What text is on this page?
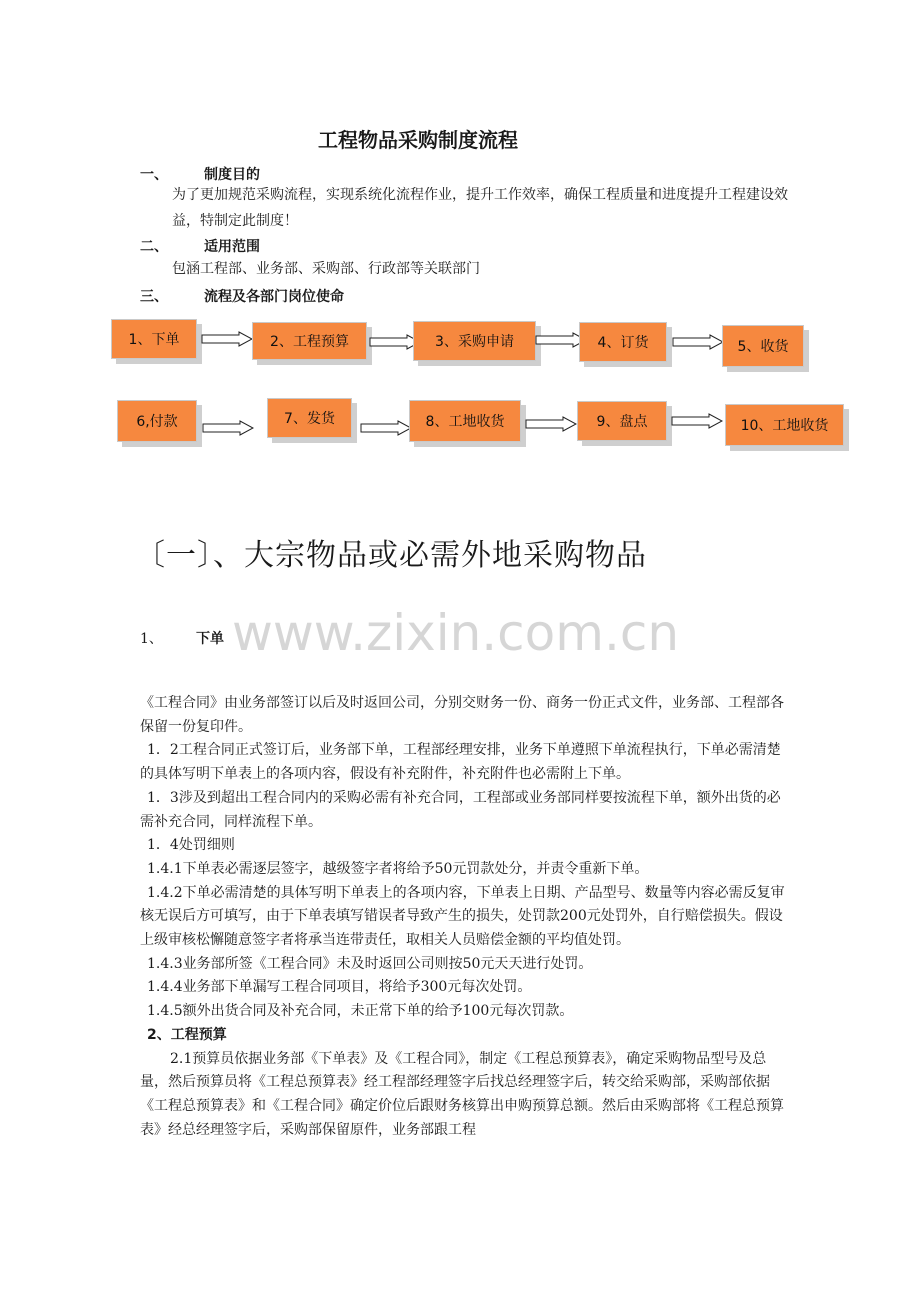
工程物品采购制度流程
一、	制度目的
为了更加规范采购流程，实现系统化流程作业，提升工作效率，确保工程质量和进度提升工程建设效益，特制定此制度！
二、	适用范围
包涵工程部、业务部、采购部、行政部等关联部门
三、	流程及各部门岗位使命
1、下单	2、工程预算	3、采购申请	4、订货	5、收货
6,付款	7、发货	8、工地收货	9、盘点	10、工地收货
〔一〕、大宗物品或必需外地采购物品
www.zixin.com.cn
1、 下单

《工程合同》由业务部签订以后及时返回公司，分别交财务一份、商务一份正式文件，业务部、工程部各保留一份复印件。

1．2工程合同正式签订后，业务部下单，工程部经理安排，业务下单遵照下单流程执行，下单必需清楚的具体写明下单表上的各项内容，假设有补充附件，补充附件也必需附上下单。

1．3涉及到超出工程合同内的采购必需有补充合同，工程部或业务部同样要按流程下单，额外出货的必需补充合同，同样流程下单。

1．4处罚细则

1.4.1下单表必需逐层签字，越级签字者将给予50元罚款处分，并责令重新下单。

1.4.2下单必需清楚的具体写明下单表上的各项内容，下单表上日期、产品型号、数量等内容必需反复审核无误后方可填写，由于下单表填写错误者导致产生的损失，处罚款200元处罚外，自行赔偿损失。假设上级审核松懈随意签字者将承当连带责任，取相关人员赔偿金额的平均值处罚。

1.4.3业务部所签《工程合同》未及时返回公司则按50元天天进行处罚。

1.4.4业务部下单漏写工程合同项目，将给予300元每次处罚。

1.4.5额外出货合同及补充合同，未正常下单的给予100元每次罚款。

2、工程预算

2.1预算员依据业务部《下单表》及《工程合同》，制定《工程总预算表》，确定采购物品型号及总量，然后预算员将《工程总预算表》经工程部经理签字后找总经理签字后，转交给采购部，采购部依据《工程总预算表》和《工程合同》确定价位后跟财务核算出申购预算总额。然后由采购部将《工程总预算表》经总经理签字后，采购部保留原件，业务部跟工程
